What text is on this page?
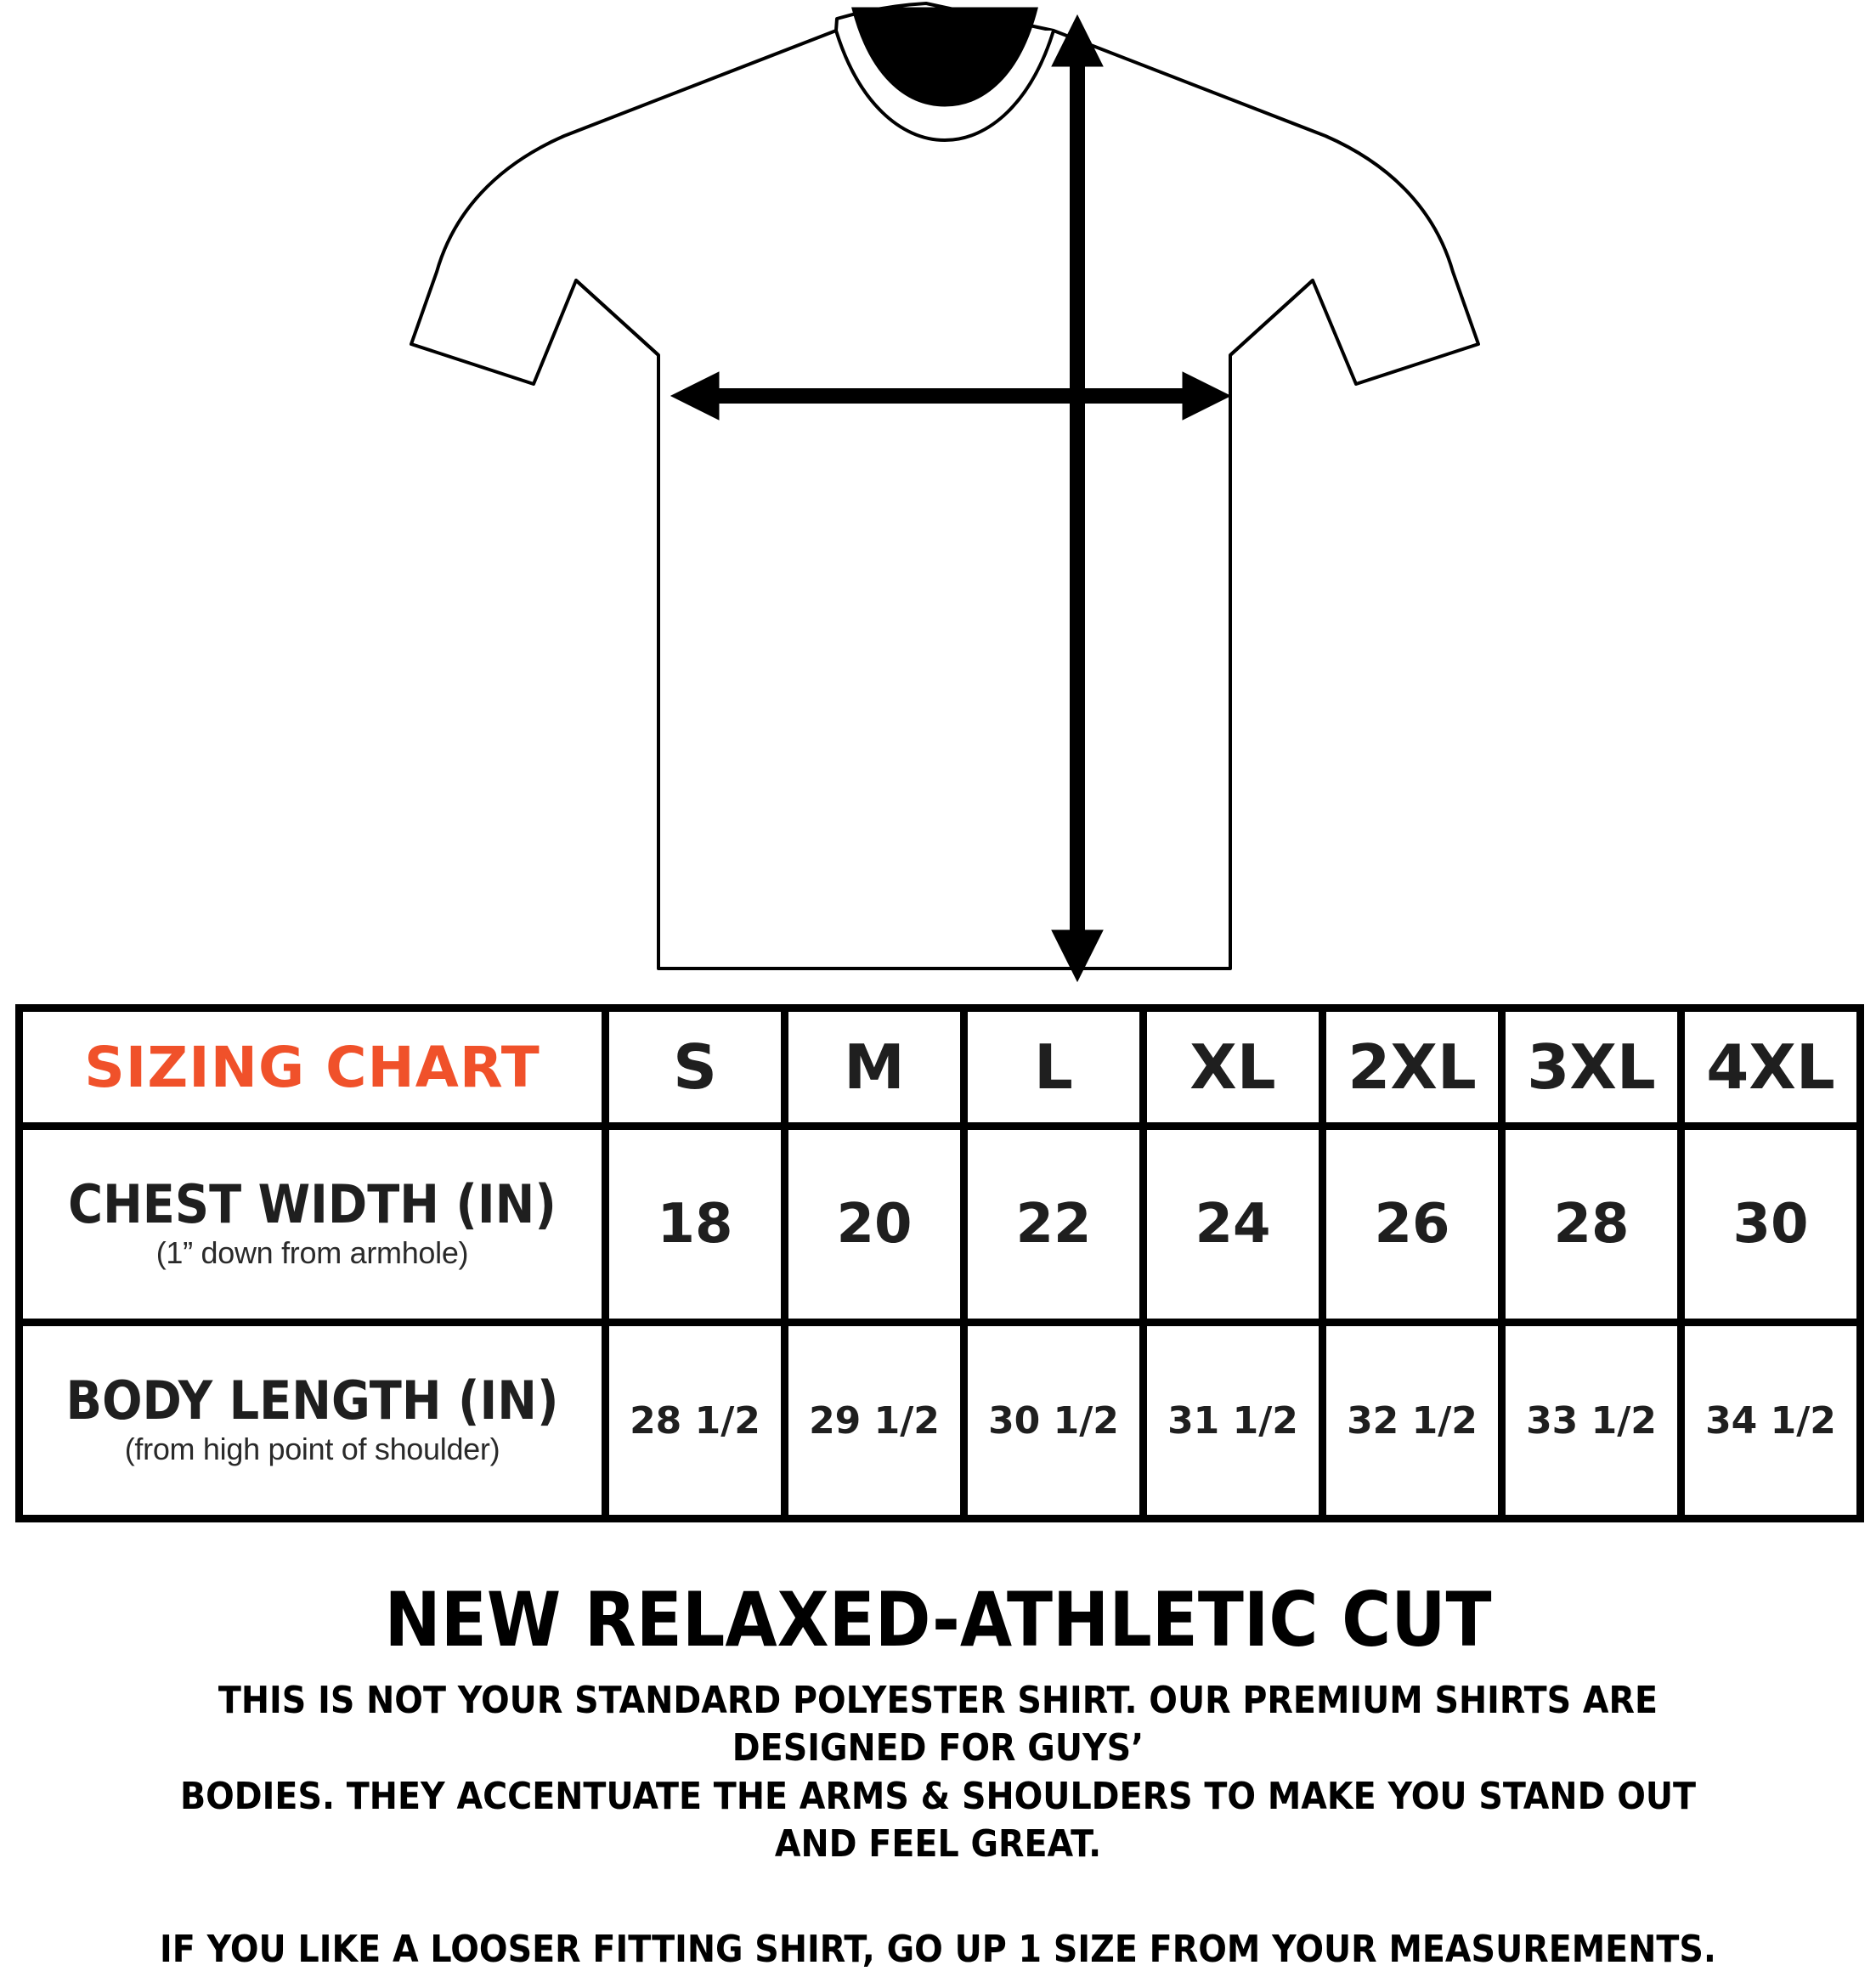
SIZING CHART	S	M	L	XL	2XL	3XL	4XL

CHEST WIDTH (IN)
(1” down from armhole)	18	20	22	24	26	28	30

BODY LENGTH (IN)
(from high point of shoulder)	28 1/2	29 1/2	30 1/2	31 1/2	32 1/2	33 1/2	34 1/2
NEW RELAXED-ATHLETIC CUT
THIS IS NOT YOUR STANDARD POLYESTER SHIRT. OUR PREMIUM SHIRTS ARE DESIGNED FOR GUYS’
BODIES. THEY ACCENTUATE THE ARMS & SHOULDERS TO MAKE YOU STAND OUT AND FEEL GREAT.
IF YOU LIKE A LOOSER FITTING SHIRT, GO UP 1 SIZE FROM YOUR MEASUREMENTS.
